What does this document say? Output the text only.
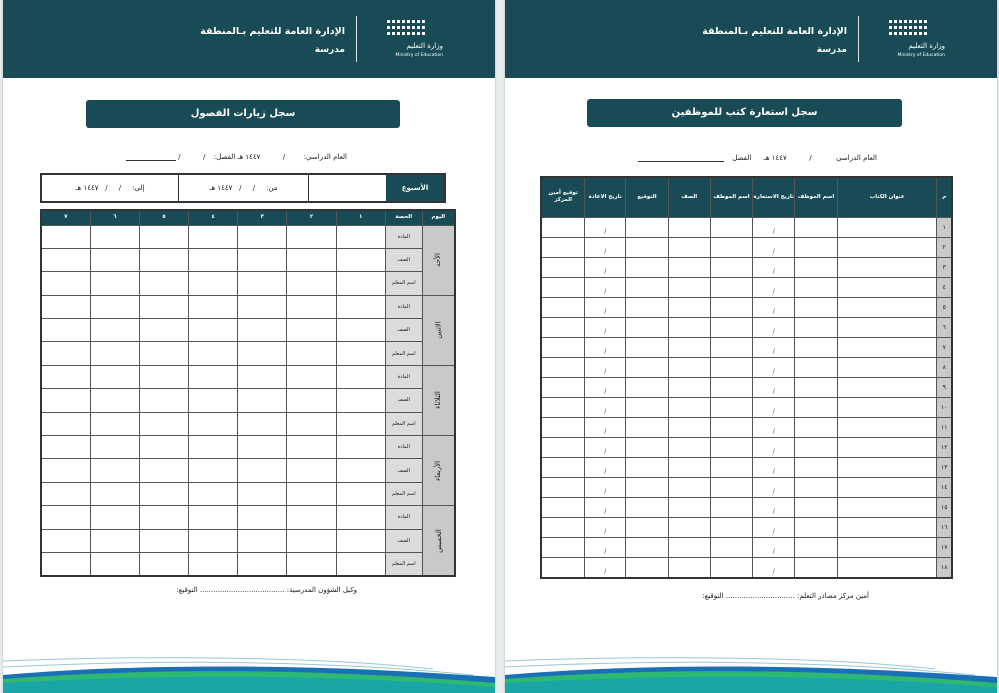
الإدارة العامة للتعليم بـالمنطقة
مدرسة	وزارة التعليم
Ministry of Education
سجل زيارات الفصول
العام الدراسي:  /  ١٤٤٧ هـ الفصل:  /  /
الأسبوع
من:     /     /   ١٤٤٧ هـ
إلى:     /     /   ١٤٤٧ هـ
٧	٦	٥	٤	٣	٢	١	الحصة	اليوم
							المادة	الأحد
							الصف	
							اسم المعلم	
							المادة	الاثنين
							الصف	
							اسم المعلم	
							المادة	الثلاثاء
							الصف	
							اسم المعلم	
							المادة	الأربعاء
							الصف	
							اسم المعلم	
							المادة	الخميس
							الصف	
							اسم المعلم	
وكيل الشؤون المدرسية: ...................................... التوقيع:
الإدارة العامة للتعليم بـالمنطقة
مدرسة	وزارة التعليم
Ministry of Education
سجل استعارة كتب للموظفين
العام الدراسي  /  ١٤٤٧ هـ  الفصل
توقيع أمين المركز	تاريخ الاعادة	التوقيع	الصف	اسم الموظف	تاريخ الاستعارة	اسم الموظف	عنوان الكتاب	م
	/				/			١
	/				/			٢
	/				/			٣
	/				/			٤
	/				/			٥
	/				/			٦
	/				/			٧
	/				/			٨
	/				/			٩
	/				/			١٠
	/				/			١١
	/				/			١٢
	/				/			١٣
	/				/			١٤
	/				/			١٥
	/				/			١٦
	/				/			١٧
	/				/			١٨
أمين مركز مصادر التعلم: ............................... التوقيع:
